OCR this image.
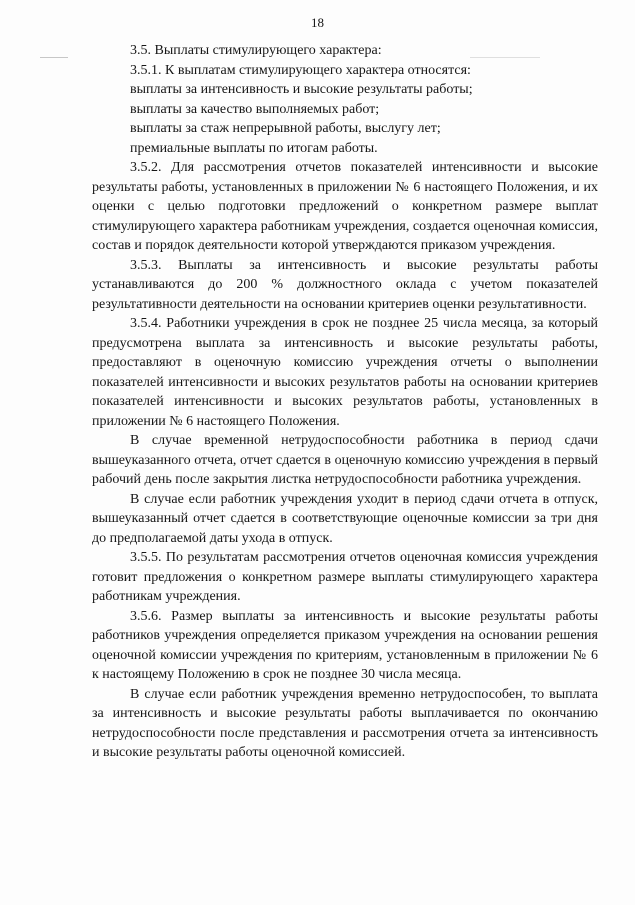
18
3.5. Выплаты стимулирующего характера:
3.5.1. К выплатам стимулирующего характера относятся:
выплаты за интенсивность и высокие результаты работы;
выплаты за качество выполняемых работ;
выплаты за стаж непрерывной работы, выслугу лет;
премиальные выплаты по итогам работы.

3.5.2. Для рассмотрения отчетов показателей интенсивности и высокие результаты работы, установленных в приложении № 6 настоящего Положения, и их оценки с целью подготовки предложений о конкретном размере выплат стимулирующего характера работникам учреждения, создается оценочная комиссия, состав и порядок деятельности которой утверждаются приказом учреждения.

3.5.3. Выплаты за интенсивность и высокие результаты работы устанавливаются до 200 % должностного оклада с учетом показателей результативности деятельности на основании критериев оценки результативности.

3.5.4. Работники учреждения в срок не позднее 25 числа месяца, за который предусмотрена выплата за интенсивность и высокие результаты работы, предоставляют в оценочную комиссию учреждения отчеты о выполнении показателей интенсивности и высоких результатов работы на основании критериев показателей интенсивности и высоких результатов работы, установленных в приложении № 6 настоящего Положения.

В случае временной нетрудоспособности работника в период сдачи вышеуказанного отчета, отчет сдается в оценочную комиссию учреждения в первый рабочий день после закрытия листка нетрудоспособности работника учреждения.

В случае если работник учреждения уходит в период сдачи отчета в отпуск, вышеуказанный отчет сдается в соответствующие оценочные комиссии за три дня до предполагаемой даты ухода в отпуск.

3.5.5. По результатам рассмотрения отчетов оценочная комиссия учреждения готовит предложения о конкретном размере выплаты стимулирующего характера работникам учреждения.

3.5.6. Размер выплаты за интенсивность и высокие результаты работы работников учреждения определяется приказом учреждения на основании решения оценочной комиссии учреждения по критериям, установленным в приложении № 6 к настоящему Положению в срок не позднее 30 числа месяца.

В случае если работник учреждения временно нетрудоспособен, то выплата за интенсивность и высокие результаты работы выплачивается по окончанию нетрудоспособности после представления и рассмотрения отчета за интенсивность и высокие результаты работы оценочной комиссией.
